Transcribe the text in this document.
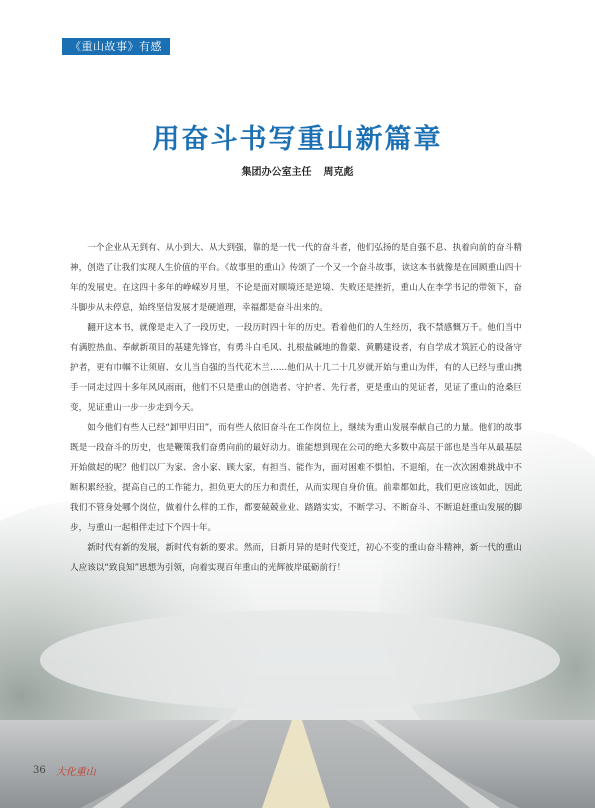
《重山故事》有感
用奋斗书写重山新篇章
集团办公室主任 周克彪

一个企业从无到有、从小到大、从大到强，靠的是一代一代的奋斗者，他们弘扬的是自强不息、执着向前的奋斗精神，创造了让我们实现人生价值的平台。《故事里的重山》传颂了一个又一个奋斗故事，读这本书就像是在回顾重山四十年的发展史。在这四十多年的峥嵘岁月里，不论是面对顺境还是逆境、失败还是挫折，重山人在李学书记的带领下，奋斗脚步从未停息，始终坚信发展才是硬道理，幸福都是奋斗出来的。

翻开这本书，就像是走入了一段历史，一段历时四十年的历史。看着他们的人生经历，我不禁感慨万千。他们当中有满腔热血、奉献新项目的基建先锋官，有勇斗白毛风、扎根盐碱地的鲁蒙、黄鹏建设者，有自学成才筑匠心的设备守护者，更有巾帼不让须眉、女儿当自强的当代花木兰……他们从十几二十几岁就开始与重山为伴，有的人已经与重山携手一同走过四十多年风风雨雨，他们不只是重山的创造者、守护者、先行者，更是重山的见证者，见证了重山的沧桑巨变，见证重山一步一步走到今天。

如今他们有些人已经“卸甲归田”，而有些人依旧奋斗在工作岗位上，继续为重山发展奉献自己的力量。他们的故事既是一段奋斗的历史，也是鞭策我们奋勇向前的最好动力。谁能想到现在公司的绝大多数中高层干部也是当年从最基层开始做起的呢？他们以厂为家、舍小家、顾大家，有担当、能作为，面对困难不惧怕、不退缩，在一次次困难挑战中不断积累经验，提高自己的工作能力，担负更大的压力和责任，从而实现自身价值。前辈都如此，我们更应该如此，因此我们不管身处哪个岗位，做着什么样的工作，都要兢兢业业、踏踏实实，不断学习、不断奋斗、不断追赶重山发展的脚步，与重山一起相伴走过下个四十年。

新时代有新的发展，新时代有新的要求。然而，日新月异的是时代变迁，初心不变的重山奋斗精神，新一代的重山人应该以“致良知”思想为引领，向着实现百年重山的光辉彼岸砥砺前行！

36 大化重山
